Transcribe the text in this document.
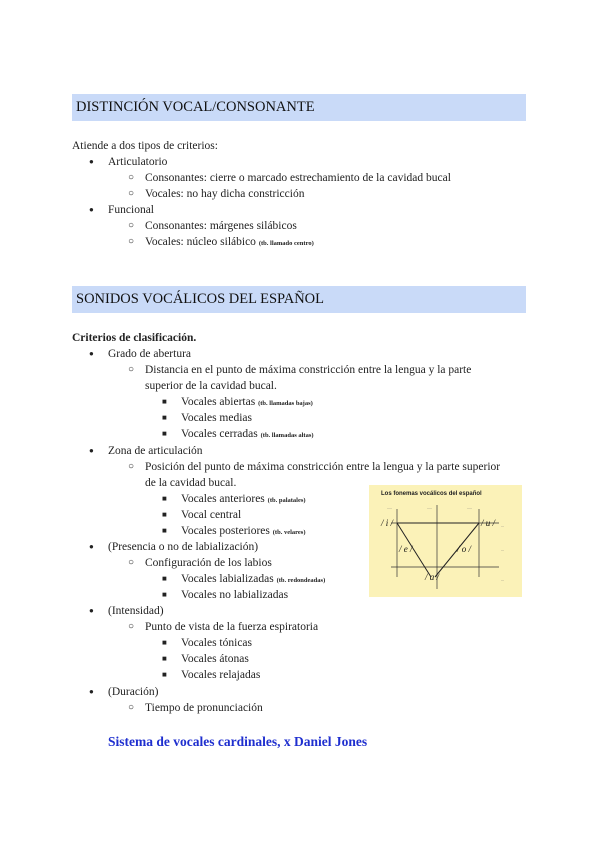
DISTINCIÓN VOCAL/CONSONANTE
Atiende a dos tipos de criterios:
● Articulatorio
○ Consonantes: cierre o marcado estrechamiento de la cavidad bucal
○ Vocales: no hay dicha constricción
● Funcional
○ Consonantes: márgenes silábicos
○ Vocales: núcleo silábico (tb. llamado centro)
SONIDOS VOCÁLICOS DEL ESPAÑOL
Criterios de clasificación.
● Grado de abertura
○ Distancia en el punto de máxima constricción entre la lengua y la parte
superior de la cavidad bucal.
■ Vocales abiertas (tb. llamadas bajas)
■ Vocales medias
■ Vocales cerradas (tb. llamadas altas)
● Zona de articulación
○ Posición del punto de máxima constricción entre la lengua y la parte superior
de la cavidad bucal.
■ Vocales anteriores (tb. palatales)
■ Vocal central
■ Vocales posteriores (tb. velares)
● (Presencia o no de labialización)
○ Configuración de los labios
■ Vocales labializadas (tb. redondeadas)
■ Vocales no labializadas
● (Intensidad)
○ Punto de vista de la fuerza espiratoria
■ Vocales tónicas
■ Vocales átonas
■ Vocales relajadas
● (Duración)
○ Tiempo de pronunciación
Sistema de vocales cardinales, x Daniel Jones
Los fonemas vocálicos del español
-----	-----	-----
---
---
---
/ i /	/ u /
/ e /	/ o /
/ a /
